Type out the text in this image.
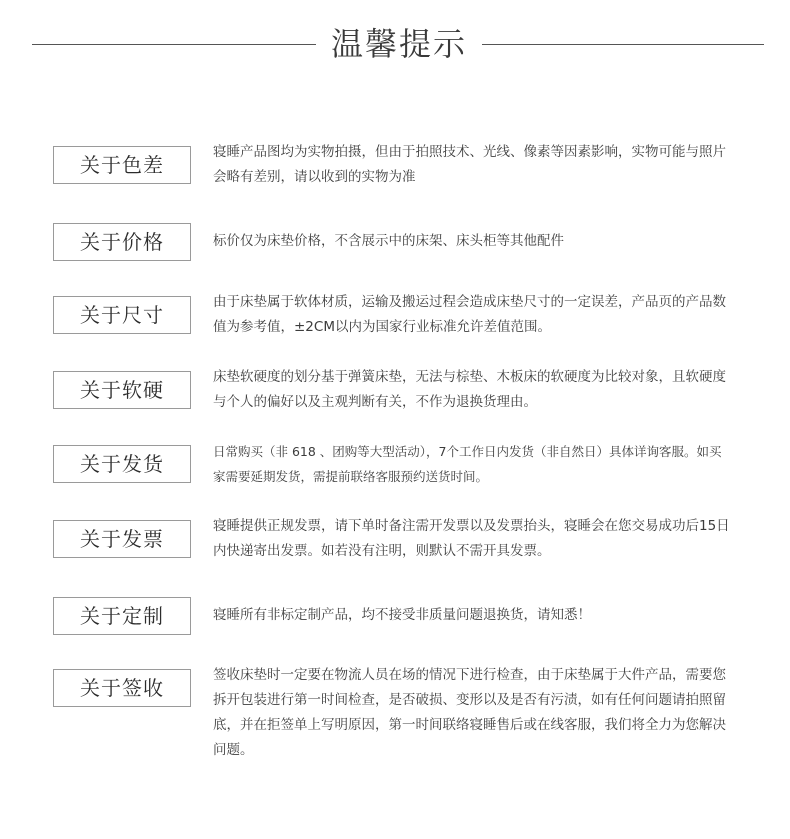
温馨提示
关于色差

寝睡产品图均为实物拍摄，但由于拍照技术、光线、像素等因素影响，实物可能与照片会略有差别，请以收到的实物为准

关于价格	标价仅为床垫价格，不含展示中的床架、床头柜等其他配件

关于尺寸

由于床垫属于软体材质，运输及搬运过程会造成床垫尺寸的一定误差，产品页的产品数值为参考值，±2CM以内为国家行业标准允许差值范围。

关于软硬

床垫软硬度的划分基于弹簧床垫，无法与棕垫、木板床的软硬度为比较对象，且软硬度与个人的偏好以及主观判断有关，不作为退换货理由。

关于发货

日常购买（非 618 、团购等大型活动），7个工作日内发货（非自然日）具体详询客服。如买家需要延期发货，需提前联络客服预约送货时间。

关于发票

寝睡提供正规发票，请下单时备注需开发票以及发票抬头，寝睡会在您交易成功后15日内快递寄出发票。如若没有注明，则默认不需开具发票。

关于定制	寝睡所有非标定制产品，均不接受非质量问题退换货，请知悉！

关于签收

签收床垫时一定要在物流人员在场的情况下进行检查，由于床垫属于大件产品，需要您拆开包装进行第一时间检查，是否破损、变形以及是否有污渍，如有任何问题请拍照留底，并在拒签单上写明原因，第一时间联络寝睡售后或在线客服，我们将全力为您解决问题。
